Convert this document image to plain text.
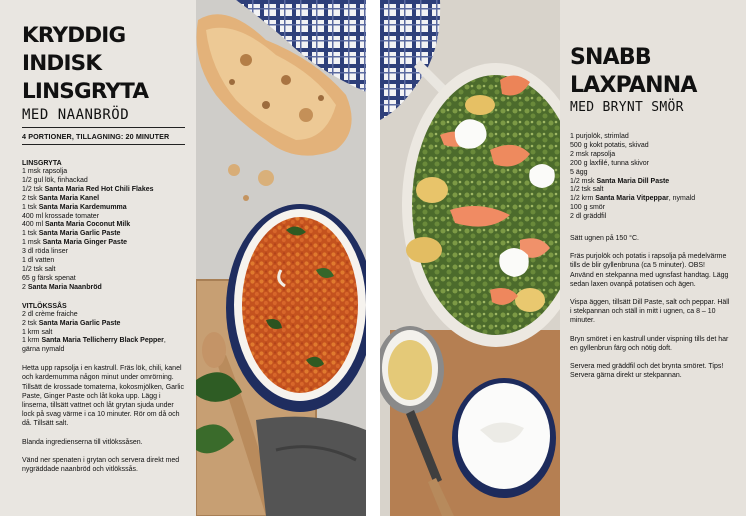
KRYDDIG INDISK
LINSGRYTA
MED NAANBRÖD
4 PORTIONER, TILLAGNING: 20 MINUTER
LINSGRYTA
1 msk rapsolja
1/2 gul lök, finhackad
1/2 tsk Santa Maria Red Hot Chili Flakes
2 tsk Santa Maria Kanel
1 tsk Santa Maria Kardemumma
400 ml krossade tomater
400 ml Santa Maria Coconut Milk
1 tsk Santa Maria Garlic Paste
1 msk Santa Maria Ginger Paste
3 dl röda linser
1 dl vatten
1/2 tsk salt
65 g färsk spenat
2 Santa Maria Naanbröd
VITLÖKSSÅS
2 dl crème fraiche
2 tsk Santa Maria Garlic Paste
1 krm salt
1 krm Santa Maria Tellicherry Black Pepper, gärna nymald

Hetta upp rapsolja i en kastrull. Fräs lök, chili, kanel och kardemumma någon minut under omrörning. Tillsätt de krossade tomaterna, kokosmjölken, Garlic Paste, Ginger Paste och låt koka upp. Lägg i linserna, tillsätt vattnet och låt grytan sjuda under lock på svag värme i ca 10 minuter. Rör om då och då. Tillsätt salt.

Blanda ingredienserna till vitlökssåsen.

Vänd ner spenaten i grytan och servera direkt med nygräddade naanbröd och vitlökssås.

SNABB LAXPANNA
MED BRYNT SMÖR
1 purjolök, strimlad
500 g kokt potatis, skivad
2 msk rapsolja
200 g laxfilé, tunna skivor
5 ägg
1/2 msk Santa Maria Dill Paste
1/2 tsk salt
1/2 krm Santa Maria Vitpeppar, nymald
100 g smör
2 dl gräddfil

Sätt ugnen på 150 °C.

Fräs purjolök och potatis i rapsolja på medelvärme tills de blir gyllenbruna (ca 5 minuter). OBS! Använd en stekpanna med ugnsfast handtag. Lägg sedan laxen ovanpå potatisen och ägen.

Vispa äggen, tillsätt Dill Paste, salt och peppar. Häll i stekpannan och ställ in mitt i ugnen, ca 8 – 10 minuter.

Bryn smöret i en kastrull under vispning tills det har en gyllenbrun färg och nötig doft.

Servera med gräddfil och det brynta smöret. Tips! Servera gärna direkt ur stekpannan.
